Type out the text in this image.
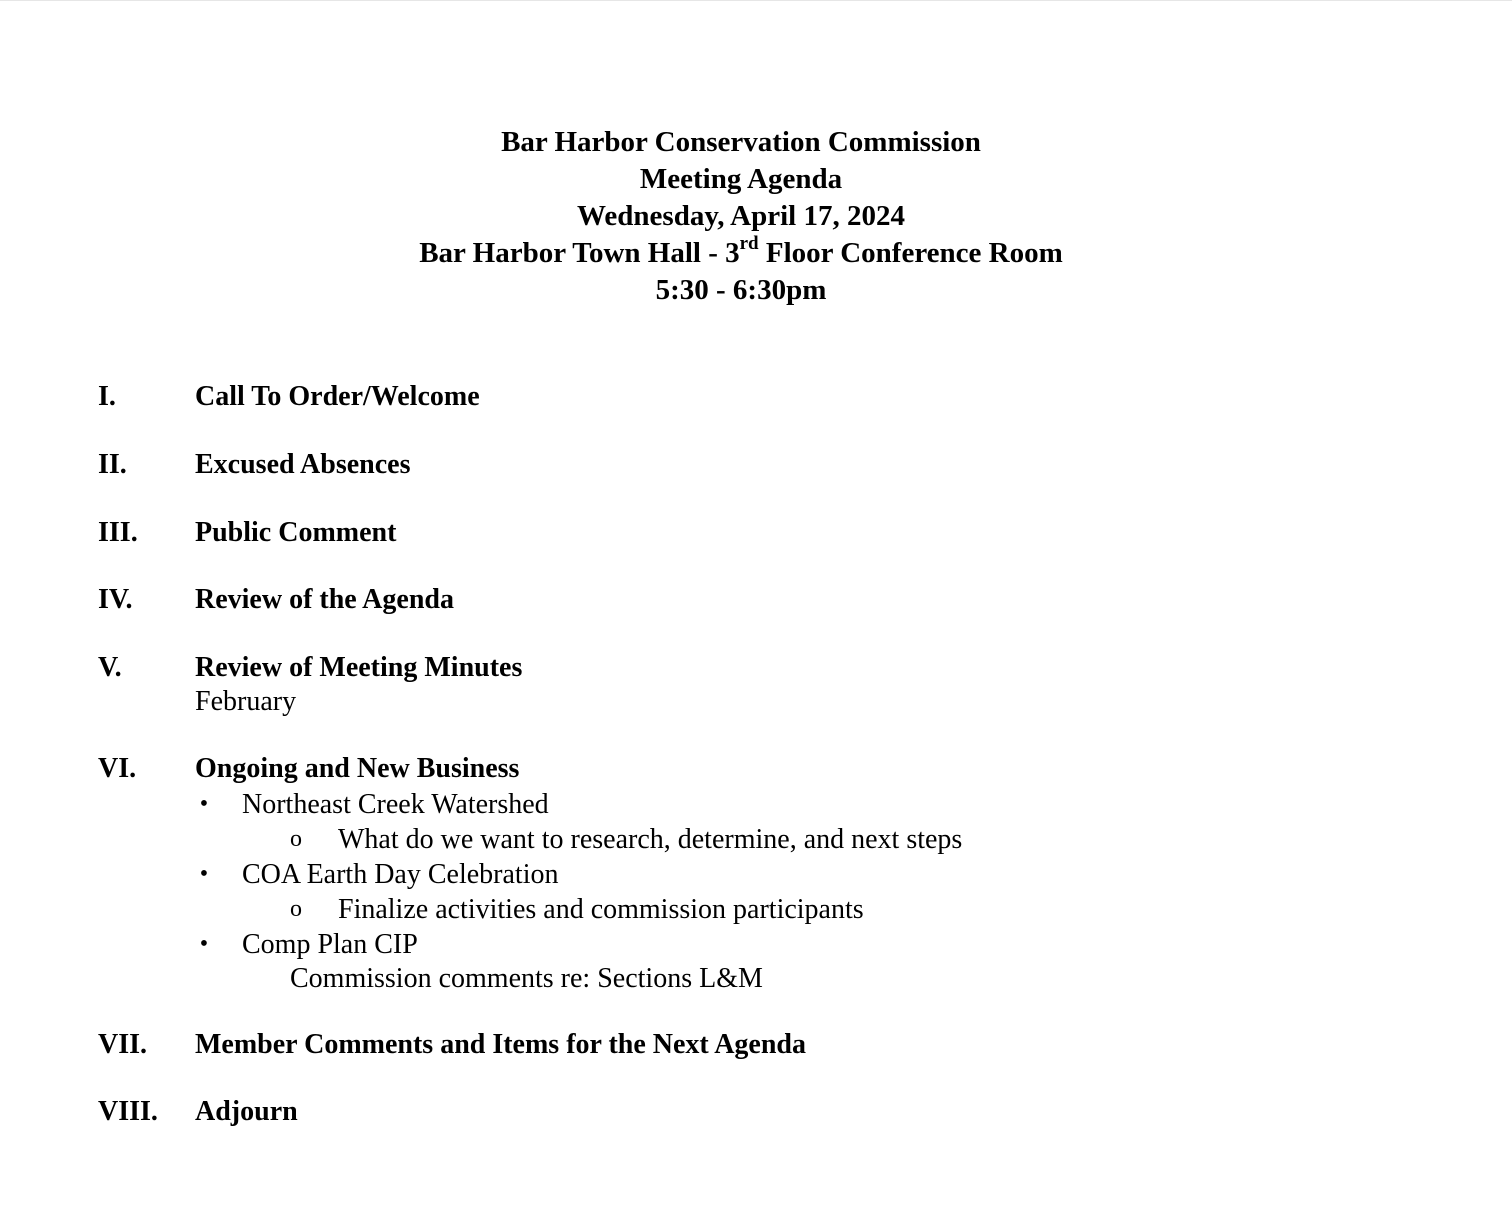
Bar Harbor Conservation Commission
Meeting Agenda
Wednesday, April 17, 2024
Bar Harbor Town Hall - 3rd Floor Conference Room
5:30 - 6:30pm
I.	Call To Order/Welcome
II. Excused Absences
III. Public Comment
IV. Review of the Agenda
V.	Review of Meeting Minutes
February
VI. Ongoing and New Business
• Northeast Creek Watershed
o What do we want to research, determine, and next steps
• COA Earth Day Celebration
o Finalize activities and commission participants
• Comp Plan CIP
Commission comments re: Sections L&M
VII. Member Comments and Items for the Next Agenda
VIII. Adjourn
